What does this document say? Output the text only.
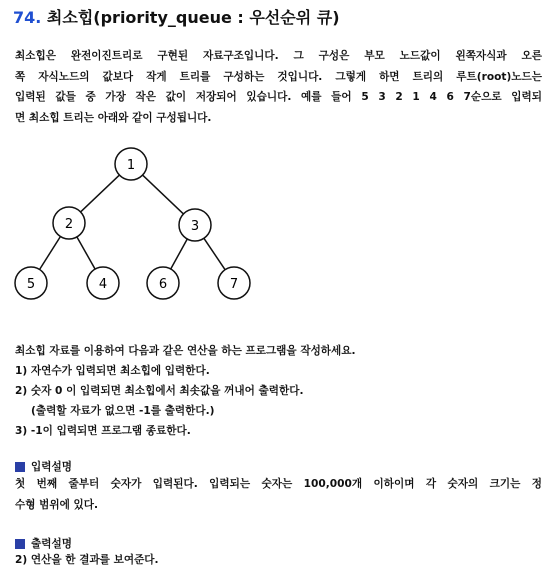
74. 최소힙(priority_queue : 우선순위 큐)
최소힙은 완전이진트리로 구현된 자료구조입니다. 그 구성은 부모 노드값이 왼쪽자식과 오른
쪽 자식노드의 값보다 작게 트리를 구성하는 것입니다. 그렇게 하면 트리의 루트(root)노드는
입력된 값들 중 가장 작은 값이 저장되어 있습니다. 예를 들어 5 3 2 1 4 6 7순으로 입력되
면 최소힙 트리는 아래와 같이 구성됩니다.
1
2	3
5	4	6	7
최소힙 자료를 이용하여 다음과 같은 연산을 하는 프로그램을 작성하세요.
1) 자연수가 입력되면 최소힙에 입력한다.
2) 숫자 0 이 입력되면 최소힙에서 최솟값을 꺼내어 출력한다.
(출력할 자료가 없으면 -1를 출력한다.)
3) -1이 입력되면 프로그램 종료한다.
입력설명
첫 번째 줄부터 숫자가 입력된다. 입력되는 숫자는 100,000개 이하이며 각 숫자의 크기는 정
수형 범위에 있다.
출력설명
2) 연산을 한 결과를 보여준다.
